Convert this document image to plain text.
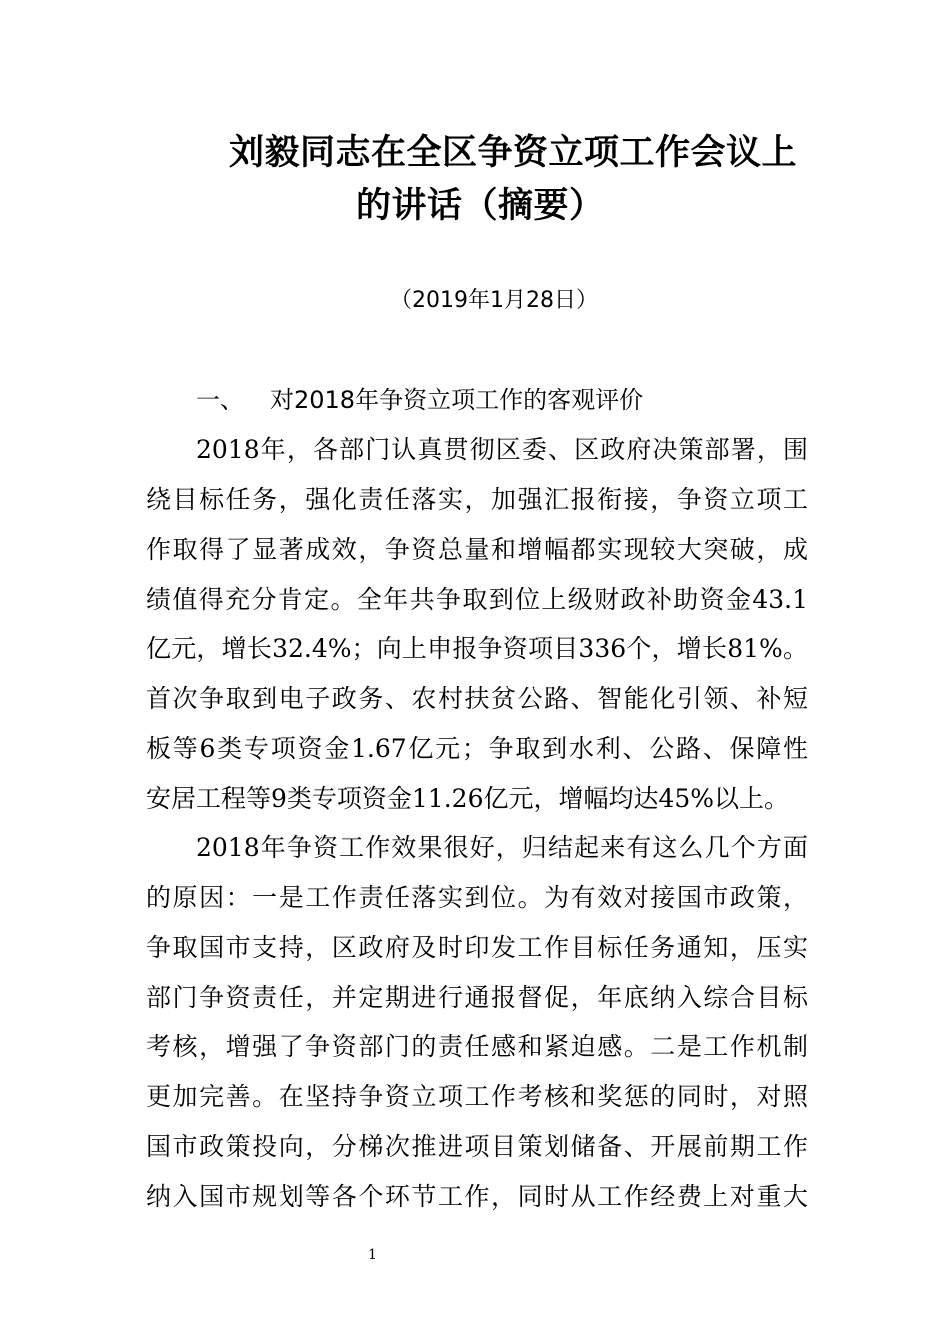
刘毅同志在全区争资立项工作会议上
的讲话（摘要）
（2019年1月28日）
一、 对2018年争资立项工作的客观评价
2018年，各部门认真贯彻区委、区政府决策部署，围
绕目标任务，强化责任落实，加强汇报衔接，争资立项工
作取得了显著成效，争资总量和增幅都实现较大突破，成
绩值得充分肯定。全年共争取到位上级财政补助资金43.1
亿元，增长32.4%；向上申报争资项目336个，增长81%。
首次争取到电子政务、农村扶贫公路、智能化引领、补短
板等6类专项资金1.67亿元；争取到水利、公路、保障性
安居工程等9类专项资金11.26亿元，增幅均达45%以上。
2018年争资工作效果很好，归结起来有这么几个方面
的原因：一是工作责任落实到位。为有效对接国市政策，
争取国市支持，区政府及时印发工作目标任务通知，压实
部门争资责任，并定期进行通报督促，年底纳入综合目标
考核，增强了争资部门的责任感和紧迫感。二是工作机制
更加完善。在坚持争资立项工作考核和奖惩的同时，对照
国市政策投向，分梯次推进项目策划储备、开展前期工作
纳入国市规划等各个环节工作，同时从工作经费上对重大
1
